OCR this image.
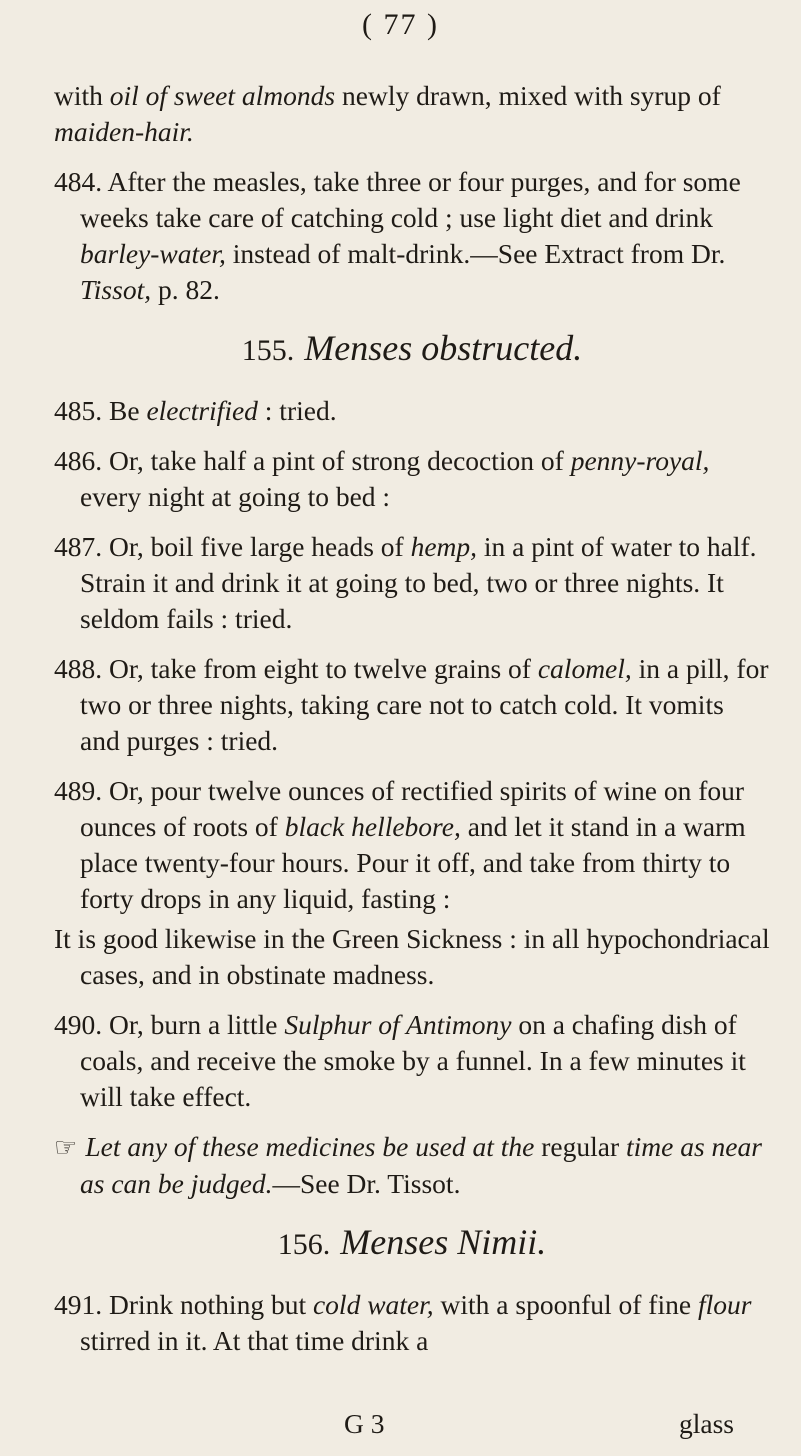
( 77 )

with oil of sweet almonds newly drawn, mixed with syrup of maiden-hair.

484. After the measles, take three or four purges, and for some weeks take care of catching cold ; use light diet and drink barley-water, instead of malt-drink.—See Extract from Dr. Tissot, p. 82.

155. Menses obstructed.

485. Be electrified : tried.

486. Or, take half a pint of strong decoction of penny-royal, every night at going to bed :

487. Or, boil five large heads of hemp, in a pint of water to half. Strain it and drink it at going to bed, two or three nights. It seldom fails : tried.

488. Or, take from eight to twelve grains of calomel, in a pill, for two or three nights, taking care not to catch cold. It vomits and purges : tried.

489. Or, pour twelve ounces of rectified spirits of wine on four ounces of roots of black hellebore, and let it stand in a warm place twenty-four hours. Pour it off, and take from thirty to forty drops in any liquid, fasting :

It is good likewise in the Green Sickness : in all hypochondriacal cases, and in obstinate madness.

490. Or, burn a little Sulphur of Antimony on a chafing dish of coals, and receive the smoke by a funnel. In a few minutes it will take effect.

☞ Let any of these medicines be used at the regular time as near as can be judged.—See Dr. Tissot.

156. Menses Nimii.

491. Drink nothing but cold water, with a spoonful of fine flour stirred in it. At that time drink a

G 3	glass
